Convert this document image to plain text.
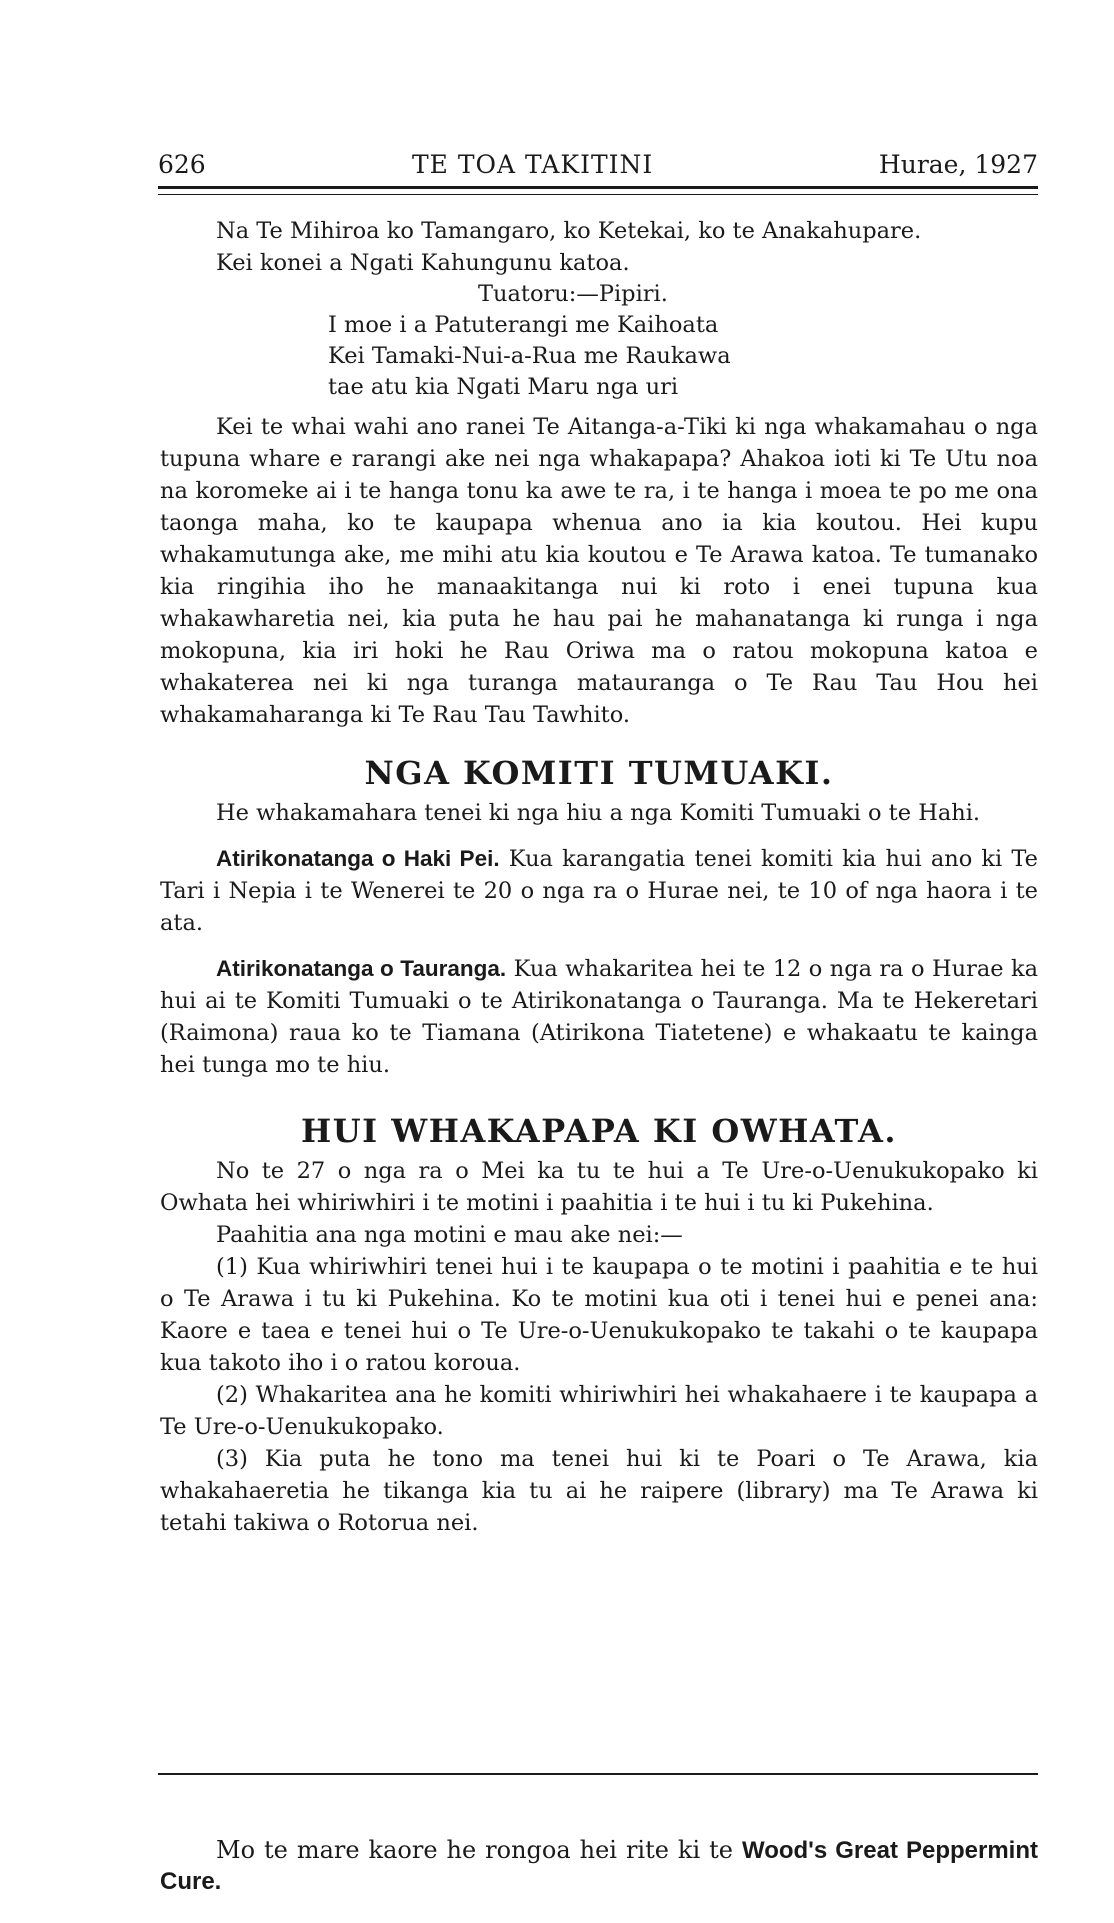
626	TE TOA TAKITINI	Hurae, 1927

Na Te Mihiroa ko Tamangaro, ko Ketekai, ko te Anakahupare.

Kei konei a Ngati Kahungunu katoa.

Tuatoru:—Pipiri.

I moe i a Patuterangi me Kaihoata

Kei Tamaki-Nui-a-Rua me Raukawa

tae atu kia Ngati Maru nga uri

Kei te whai wahi ano ranei Te Aitanga-a-Tiki ki nga whakamahau o nga tupuna whare e rarangi ake nei nga whakapapa? Ahakoa ioti ki Te Utu noa na koromeke ai i te hanga tonu ka awe te ra, i te hanga i moea te po me ona taonga maha, ko te kaupapa whenua ano ia kia koutou. Hei kupu whakamutunga ake, me mihi atu kia koutou e Te Arawa katoa. Te tumanako kia ringihia iho he manaakitanga nui ki roto i enei tupuna kua whakawharetia nei, kia puta he hau pai he mahanatanga ki runga i nga mokopuna, kia iri hoki he Rau Oriwa ma o ratou mokopuna katoa e whakaterea nei ki nga turanga matauranga o Te Rau Tau Hou hei whakamaharanga ki Te Rau Tau Tawhito.

NGA KOMITI TUMUAKI.

He whakamahara tenei ki nga hiu a nga Komiti Tumuaki o te Hahi.

Atirikonatanga o Haki Pei. Kua karangatia tenei komiti kia hui ano ki Te Tari i Nepia i te Wenerei te 20 o nga ra o Hurae nei, te 10 of nga haora i te ata.

Atirikonatanga o Tauranga. Kua whakaritea hei te 12 o nga ra o Hurae ka hui ai te Komiti Tumuaki o te Atirikonatanga o Tauranga. Ma te Hekeretari (Raimona) raua ko te Tiamana (Atirikona Tiatetene) e whakaatu te kainga hei tunga mo te hiu.

HUI WHAKAPAPA KI OWHATA.

No te 27 o nga ra o Mei ka tu te hui a Te Ure-o-Uenukukopako ki Owhata hei whiriwhiri i te motini i paahitia i te hui i tu ki Pukehina.

Paahitia ana nga motini e mau ake nei:—

(1) Kua whiriwhiri tenei hui i te kaupapa o te motini i paahitia e te hui o Te Arawa i tu ki Pukehina. Ko te motini kua oti i tenei hui e penei ana: Kaore e taea e tenei hui o Te Ure-o-Uenukukopako te takahi o te kaupapa kua takoto iho i o ratou koroua.

(2) Whakaritea ana he komiti whiriwhiri hei whakahaere i te kaupapa a Te Ure-o-Uenukukopako.

(3) Kia puta he tono ma tenei hui ki te Poari o Te Arawa, kia whakahaeretia he tikanga kia tu ai he raipere (library) ma Te Arawa ki tetahi takiwa o Rotorua nei.

Mo te mare kaore he rongoa hei rite ki te Wood's Great Peppermint Cure.
